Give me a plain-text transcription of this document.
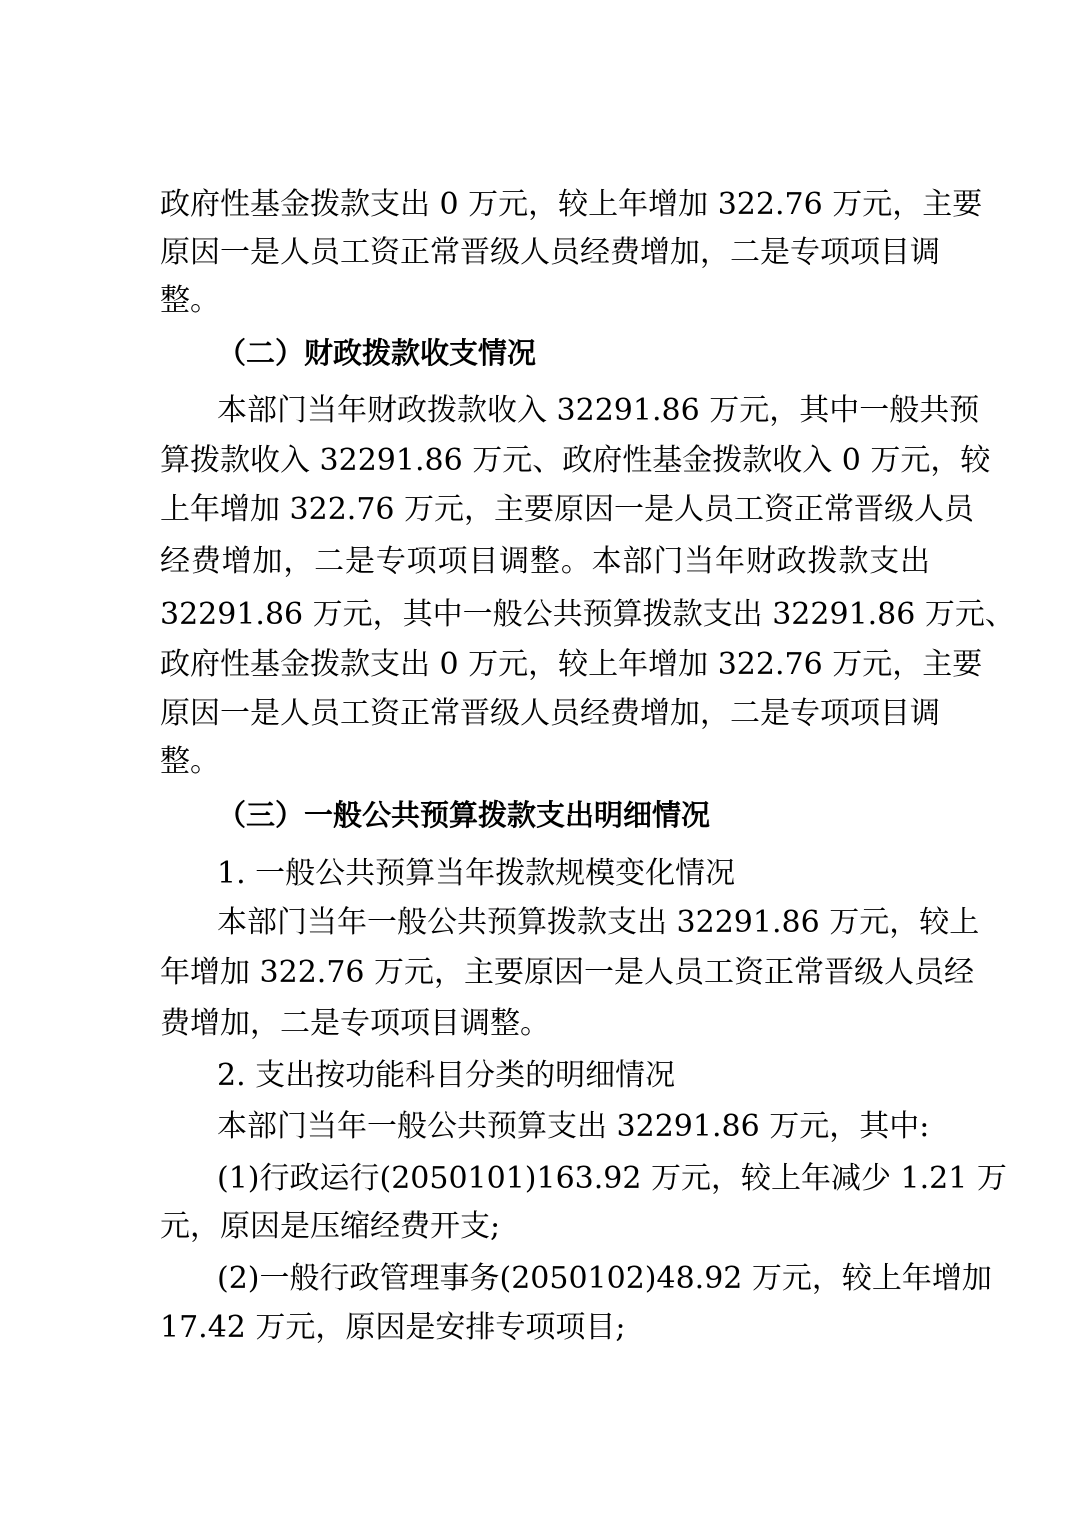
政府性基金拨款支出 0 万元，较上年增加 322.76 万元，主要
原因一是人员工资正常晋级人员经费增加，二是专项项目调
整。
（二）财政拨款收支情况
本部门当年财政拨款收入 32291.86 万元，其中一般共预
算拨款收入 32291.86 万元、政府性基金拨款收入 0 万元，较
上年增加 322.76 万元，主要原因一是人员工资正常晋级人员
经费增加，二是专项项目调整。本部门当年财政拨款支出
32291.86 万元，其中一般公共预算拨款支出 32291.86 万元、
政府性基金拨款支出 0 万元，较上年增加 322.76 万元，主要
原因一是人员工资正常晋级人员经费增加，二是专项项目调
整。
（三）一般公共预算拨款支出明细情况
1. 一般公共预算当年拨款规模变化情况
本部门当年一般公共预算拨款支出 32291.86 万元，较上
年增加 322.76 万元，主要原因一是人员工资正常晋级人员经
费增加，二是专项项目调整。
2. 支出按功能科目分类的明细情况
本部门当年一般公共预算支出 32291.86 万元，其中:
(1)行政运行(2050101)163.92 万元，较上年减少 1.21 万
元，原因是压缩经费开支;
(2)一般行政管理事务(2050102)48.92 万元，较上年增加
17.42 万元，原因是安排专项项目;
